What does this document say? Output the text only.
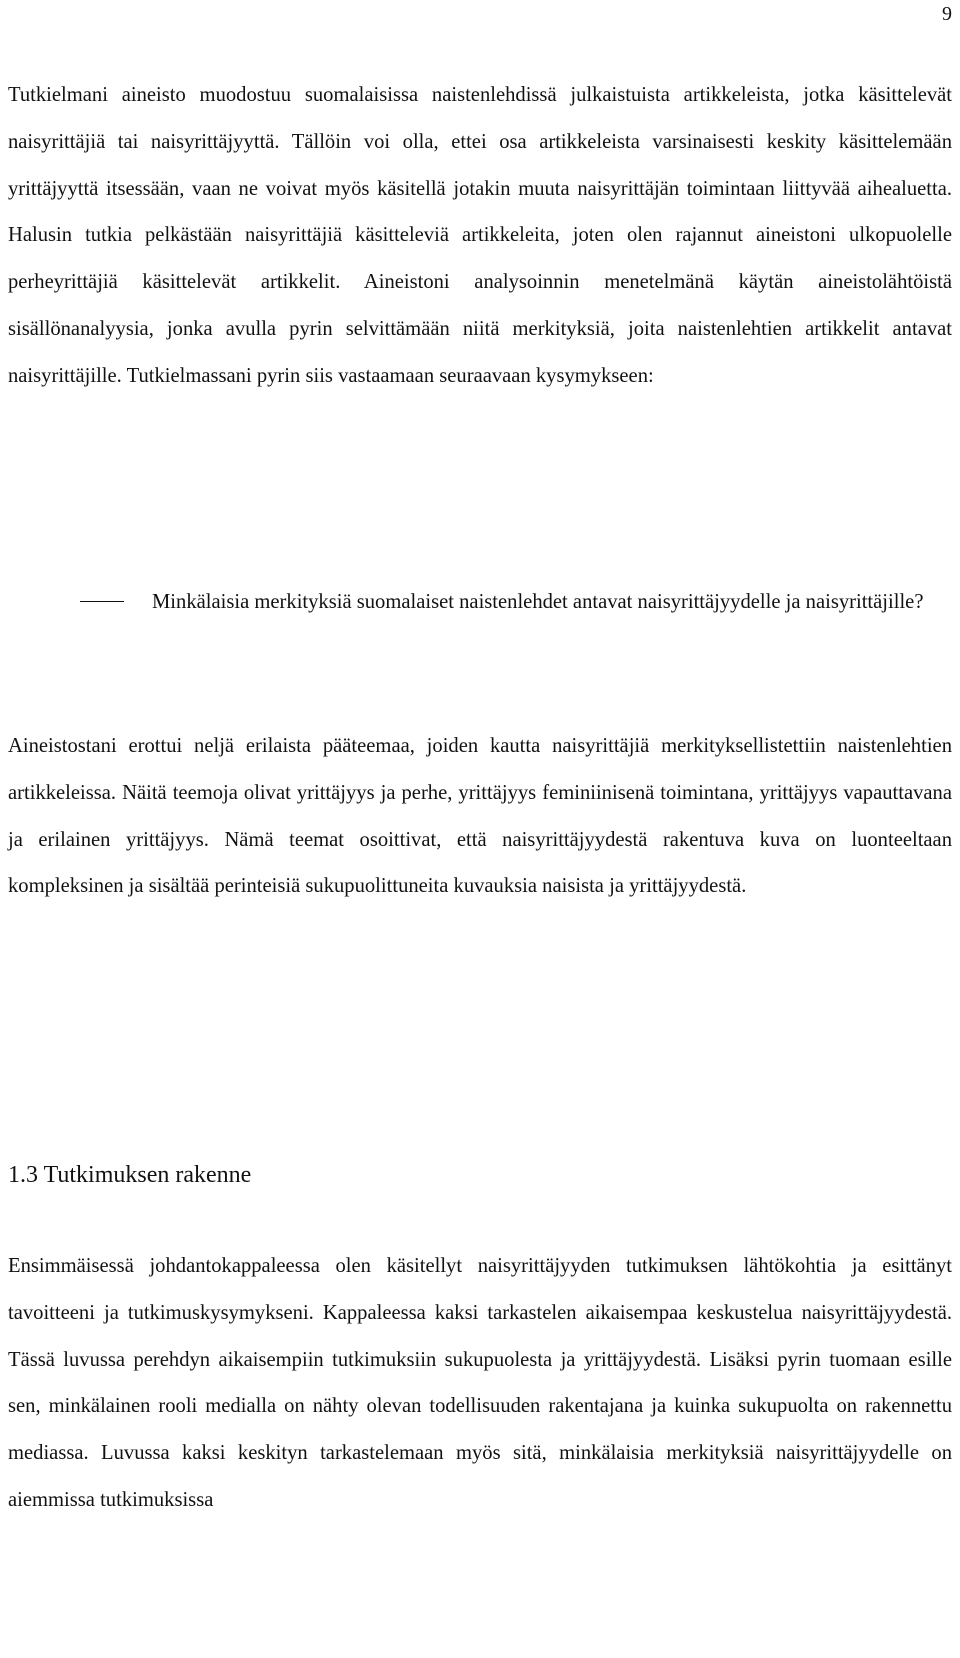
9

Tutkielmani aineisto muodostuu suomalaisissa naistenlehdissä julkaistuista artikkeleista, jotka käsittelevät naisyrittäjiä tai naisyrittäjyyttä. Tällöin voi olla, ettei osa artikkeleista varsinaisesti keskity käsittelemään yrittäjyyttä itsessään, vaan ne voivat myös käsitellä jotakin muuta naisyrittäjän toimintaan liittyvää aihealuetta. Halusin tutkia pelkästään naisyrittäjiä käsitteleviä artikkeleita, joten olen rajannut aineistoni ulkopuolelle perheyrittäjiä käsittelevät artikkelit. Aineistoni analysoinnin menetelmänä käytän aineistolähtöistä sisällönanalyysia, jonka avulla pyrin selvittämään niitä merkityksiä, joita naistenlehtien artikkelit antavat naisyrittäjille. Tutkielmassani pyrin siis vastaamaan seuraavaan kysymykseen:

Minkälaisia merkityksiä suomalaiset naistenlehdet antavat naisyrittäjyydelle ja naisyrittäjille?

Aineistostani erottui neljä erilaista pääteemaa, joiden kautta naisyrittäjiä merkityksellistettiin naistenlehtien artikkeleissa. Näitä teemoja olivat yrittäjyys ja perhe, yrittäjyys feminiinisenä toimintana, yrittäjyys vapauttavana ja erilainen yrittäjyys. Nämä teemat osoittivat, että naisyrittäjyydestä rakentuva kuva on luonteeltaan kompleksinen ja sisältää perinteisiä sukupuolittuneita kuvauksia naisista ja yrittäjyydestä.

1.3 Tutkimuksen rakenne

Ensimmäisessä johdantokappaleessa olen käsitellyt naisyrittäjyyden tutkimuksen lähtökohtia ja esittänyt tavoitteeni ja tutkimuskysymykseni. Kappaleessa kaksi tarkastelen aikaisempaa keskustelua naisyrittäjyydestä. Tässä luvussa perehdyn aikaisempiin tutkimuksiin sukupuolesta ja yrittäjyydestä. Lisäksi pyrin tuomaan esille sen, minkälainen rooli medialla on nähty olevan todellisuuden rakentajana ja kuinka sukupuolta on rakennettu mediassa. Luvussa kaksi keskityn tarkastelemaan myös sitä, minkälaisia merkityksiä naisyrittäjyydelle on aiemmissa tutkimuksissa
